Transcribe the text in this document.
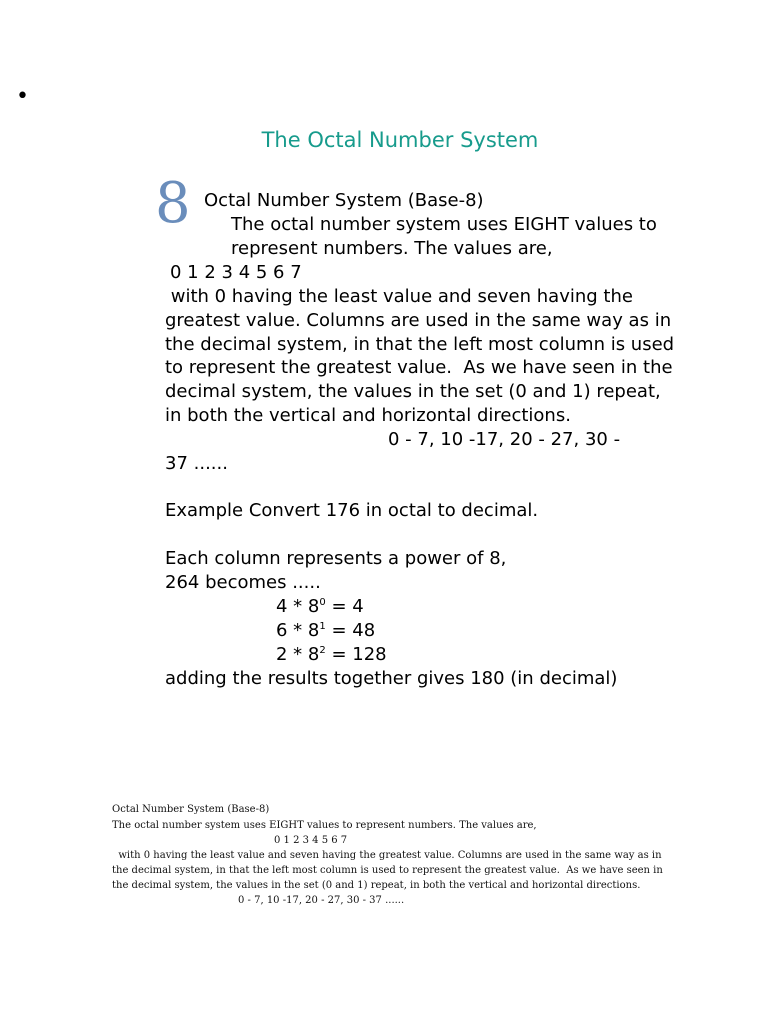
•
The Octal Number System
8 Octal Number System (Base-8)
The octal number system uses EIGHT values to
represent numbers. The values are,
0 1 2 3 4 5 6 7
with 0 having the least value and seven having the
greatest value. Columns are used in the same way as in
the decimal system, in that the left most column is used
to represent the greatest value.  As we have seen in the
decimal system, the values in the set (0 and 1) repeat,
in both the vertical and horizontal directions.
0 - 7, 10 -17, 20 - 27, 30 -
37 ......
Example Convert 176 in octal to decimal.
Each column represents a power of 8,
264 becomes .....
$4 * 8^0 = 4$
$6 * 8^1 = 48$
$2 * 8^2 = 128$
adding the results together gives 180 (in decimal)
Octal Number System (Base-8)
The octal number system uses EIGHT values to represent numbers. The values are,
0 1 2 3 4 5 6 7
with 0 having the least value and seven having the greatest value. Columns are used in the same way as in
the decimal system, in that the left most column is used to represent the greatest value.  As we have seen in
the decimal system, the values in the set (0 and 1) repeat, in both the vertical and horizontal directions.
0 - 7, 10 -17, 20 - 27, 30 - 37 ......
